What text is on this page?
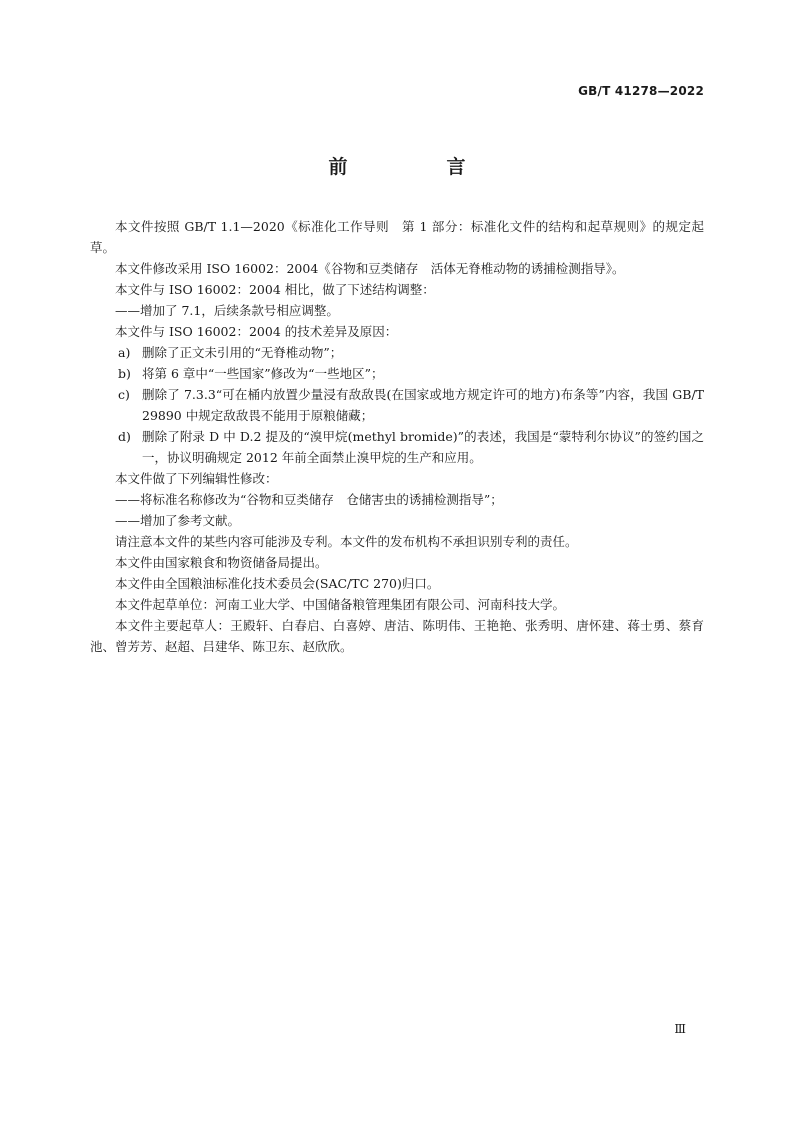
GB/T 41278—2022
前　言

本文件按照 GB/T 1.1—2020《标准化工作导则　第 1 部分：标准化文件的结构和起草规则》的规定起草。

本文件修改采用 ISO 16002：2004《谷物和豆类储存　活体无脊椎动物的诱捕检测指导》。

本文件与 ISO 16002：2004 相比，做了下述结构调整：

——增加了 7.1，后续条款号相应调整。

本文件与 ISO 16002：2004 的技术差异及原因：

a) 删除了正文未引用的“无脊椎动物”；
b) 将第 6 章中“一些国家”修改为“一些地区”；
c) 删除了 7.3.3“可在桶内放置少量浸有敌敌畏(在国家或地方规定许可的地方)布条等”内容，我国 GB/T 29890 中规定敌敌畏不能用于原粮储藏；
d) 删除了附录 D 中 D.2 提及的“溴甲烷(methyl bromide)”的表述，我国是“蒙特利尔协议”的签约国之一，协议明确规定 2012 年前全面禁止溴甲烷的生产和应用。

本文件做了下列编辑性修改：

——将标准名称修改为“谷物和豆类储存　仓储害虫的诱捕检测指导”；

——增加了参考文献。

请注意本文件的某些内容可能涉及专利。本文件的发布机构不承担识别专利的责任。

本文件由国家粮食和物资储备局提出。

本文件由全国粮油标准化技术委员会(SAC/TC 270)归口。

本文件起草单位：河南工业大学、中国储备粮管理集团有限公司、河南科技大学。

本文件主要起草人：王殿轩、白春启、白喜婷、唐洁、陈明伟、王艳艳、张秀明、唐怀建、蒋士勇、蔡育池、曾芳芳、赵超、吕建华、陈卫东、赵欣欣。

Ⅲ
